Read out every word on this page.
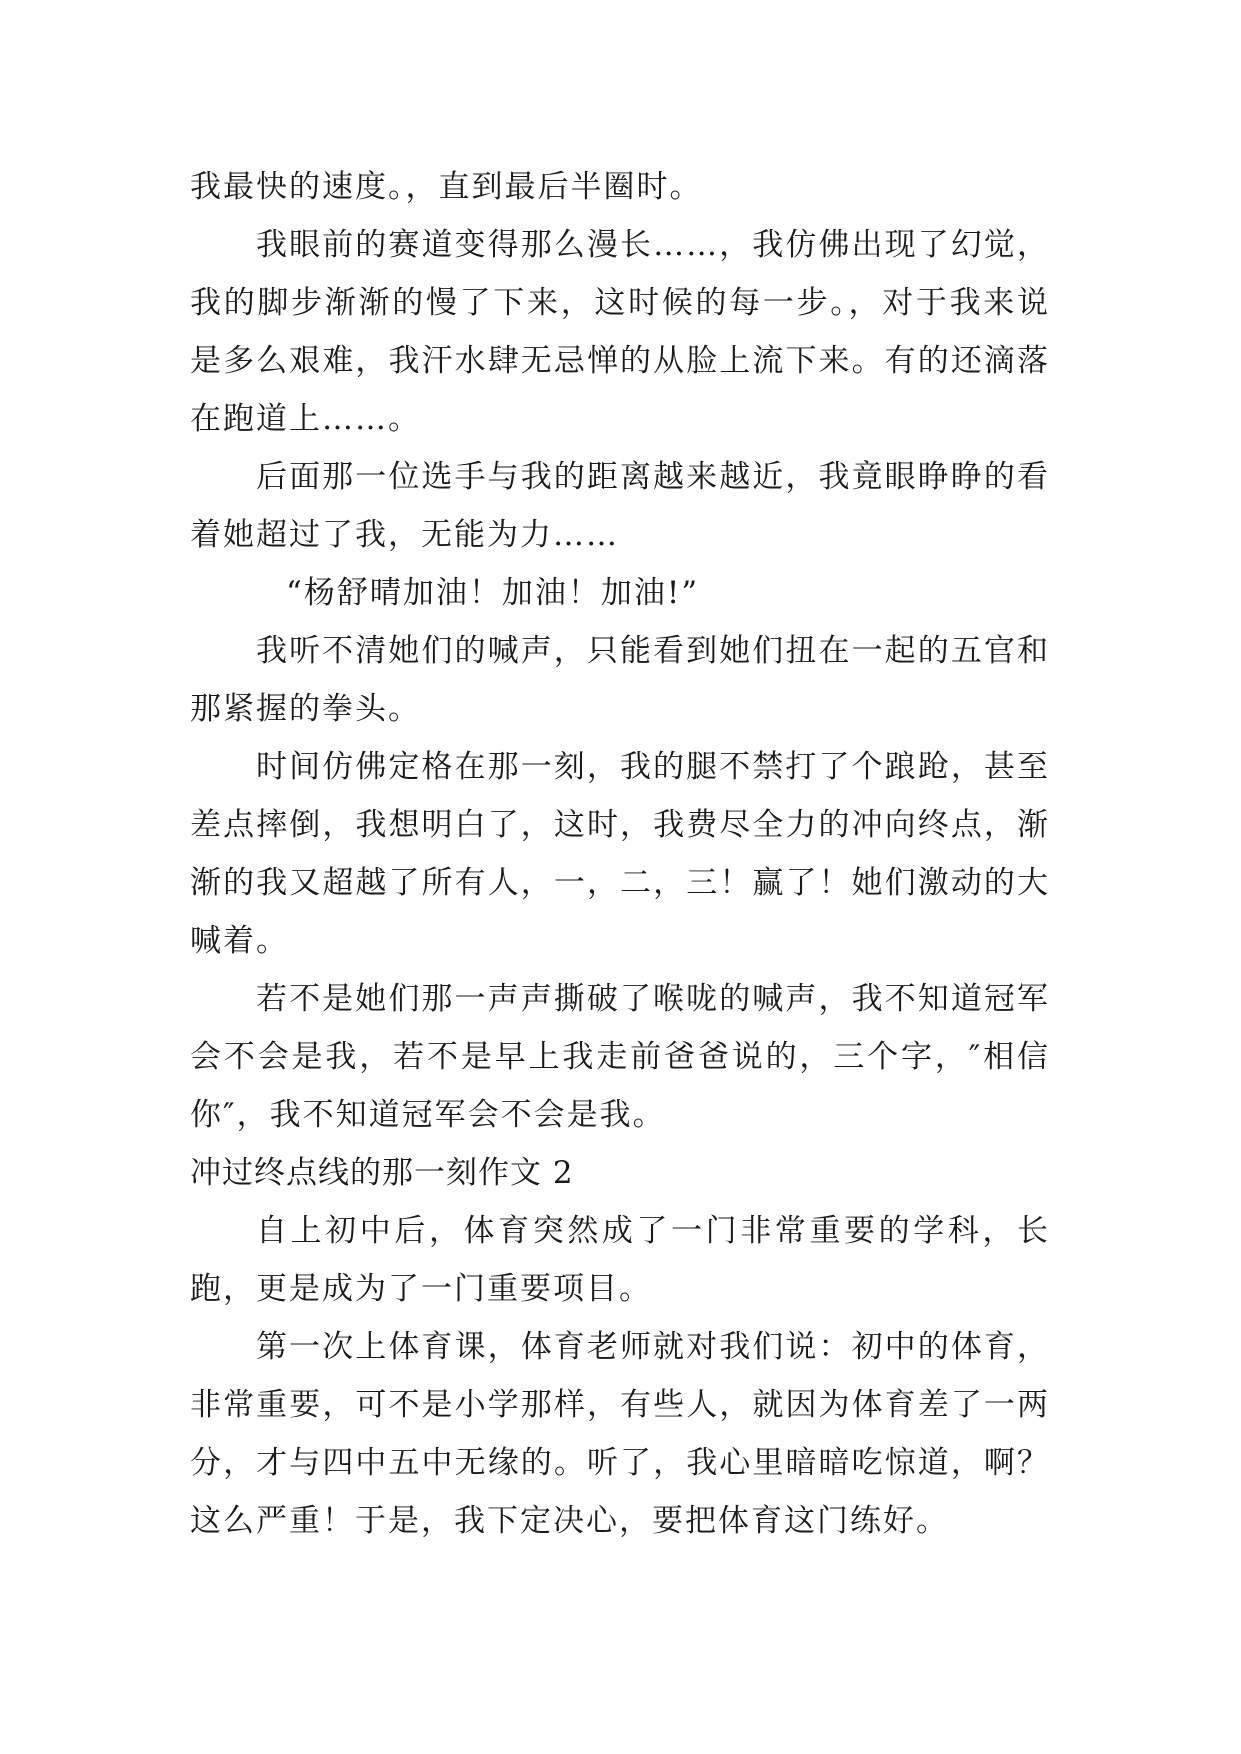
我最快的速度。，直到最后半圈时。

我眼前的赛道变得那么漫长……，我仿佛出现了幻觉，我的脚步渐渐的慢了下来，这时候的每一步。，对于我来说是多么艰难，我汗水肆无忌惮的从脸上流下来。有的还滴落在跑道上……。

后面那一位选手与我的距离越来越近，我竟眼睁睁的看着她超过了我，无能为力……

“杨舒晴加油！加油！加油!”

我听不清她们的喊声，只能看到她们扭在一起的五官和那紧握的拳头。

时间仿佛定格在那一刻，我的腿不禁打了个踉跄，甚至差点摔倒，我想明白了，这时，我费尽全力的冲向终点，渐渐的我又超越了所有人，一，二，三！赢了！她们激动的大喊着。

若不是她们那一声声撕破了喉咙的喊声，我不知道冠军会不会是我，若不是早上我走前爸爸说的，三个字，″相信你″，我不知道冠军会不会是我。

冲过终点线的那一刻作文 2

自上初中后，体育突然成了一门非常重要的学科，长跑，更是成为了一门重要项目。

第一次上体育课，体育老师就对我们说：初中的体育，非常重要，可不是小学那样，有些人，就因为体育差了一两分，才与四中五中无缘的。听了，我心里暗暗吃惊道，啊？这么严重！于是，我下定决心，要把体育这门练好。
